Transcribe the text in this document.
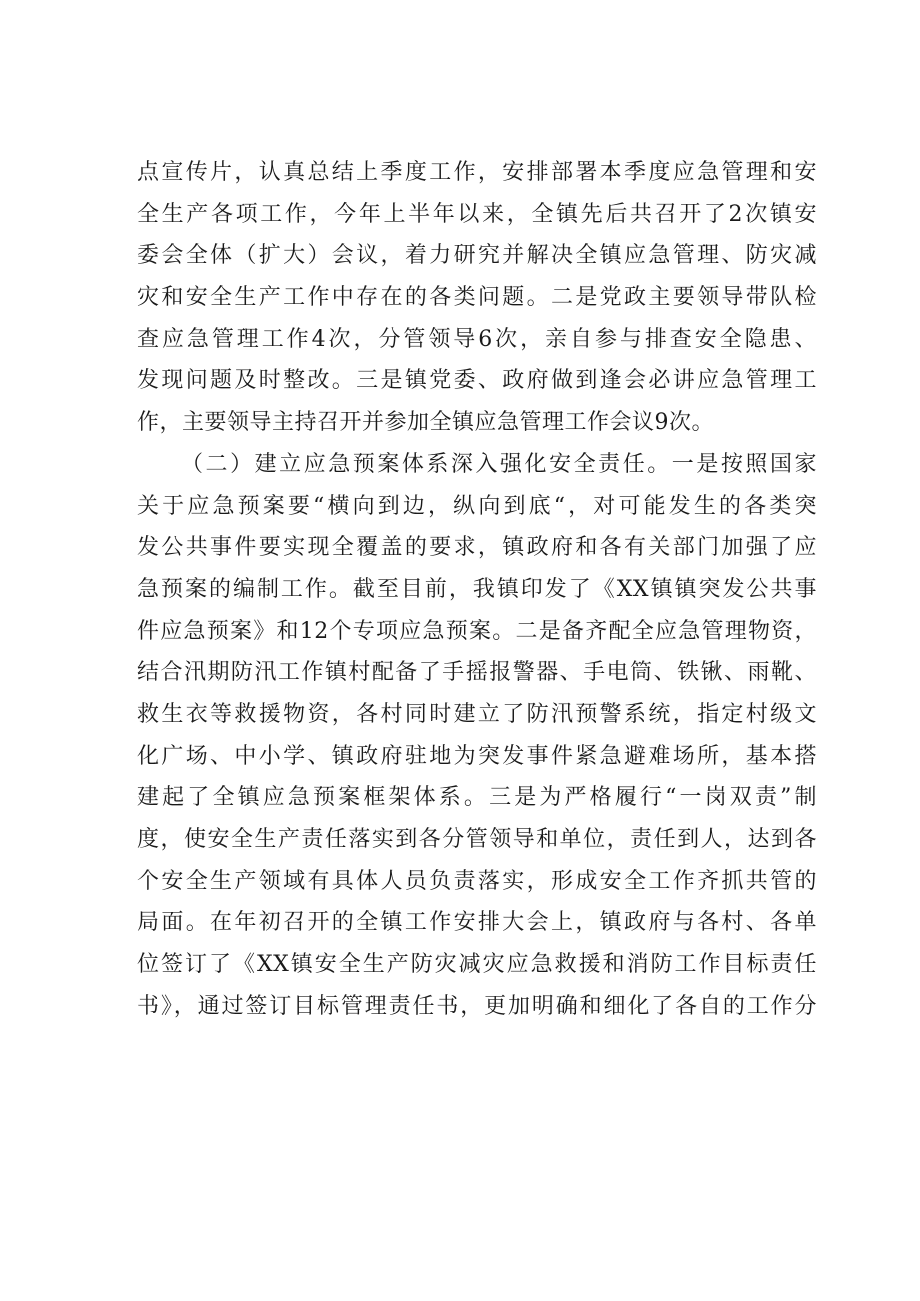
点宣传片，认真总结上季度工作，安排部署本季度应急管理和安
全生产各项工作，今年上半年以来，全镇先后共召开了2次镇安
委会全体（扩大）会议，着力研究并解决全镇应急管理、防灾减
灾和安全生产工作中存在的各类问题。二是党政主要领导带队检
查应急管理工作4次，分管领导6次，亲自参与排查安全隐患、
发现问题及时整改。三是镇党委、政府做到逢会必讲应急管理工
作，主要领导主持召开并参加全镇应急管理工作会议9次。
（二）建立应急预案体系深入强化安全责任。一是按照国家
关于应急预案要“横向到边，纵向到底“，对可能发生的各类突
发公共事件要实现全覆盖的要求，镇政府和各有关部门加强了应
急预案的编制工作。截至目前，我镇印发了《XX镇镇突发公共事
件应急预案》和12个专项应急预案。二是备齐配全应急管理物资，
结合汛期防汛工作镇村配备了手摇报警器、手电筒、铁锹、雨靴、
救生衣等救援物资，各村同时建立了防汛预警系统，指定村级文
化广场、中小学、镇政府驻地为突发事件紧急避难场所，基本搭
建起了全镇应急预案框架体系。三是为严格履行“一岗双责”制
度，使安全生产责任落实到各分管领导和单位，责任到人，达到各
个安全生产领域有具体人员负责落实，形成安全工作齐抓共管的
局面。在年初召开的全镇工作安排大会上，镇政府与各村、各单
位签订了《XX镇安全生产防灾减灾应急救援和消防工作目标责任
书》，通过签订目标管理责任书，更加明确和细化了各自的工作分
